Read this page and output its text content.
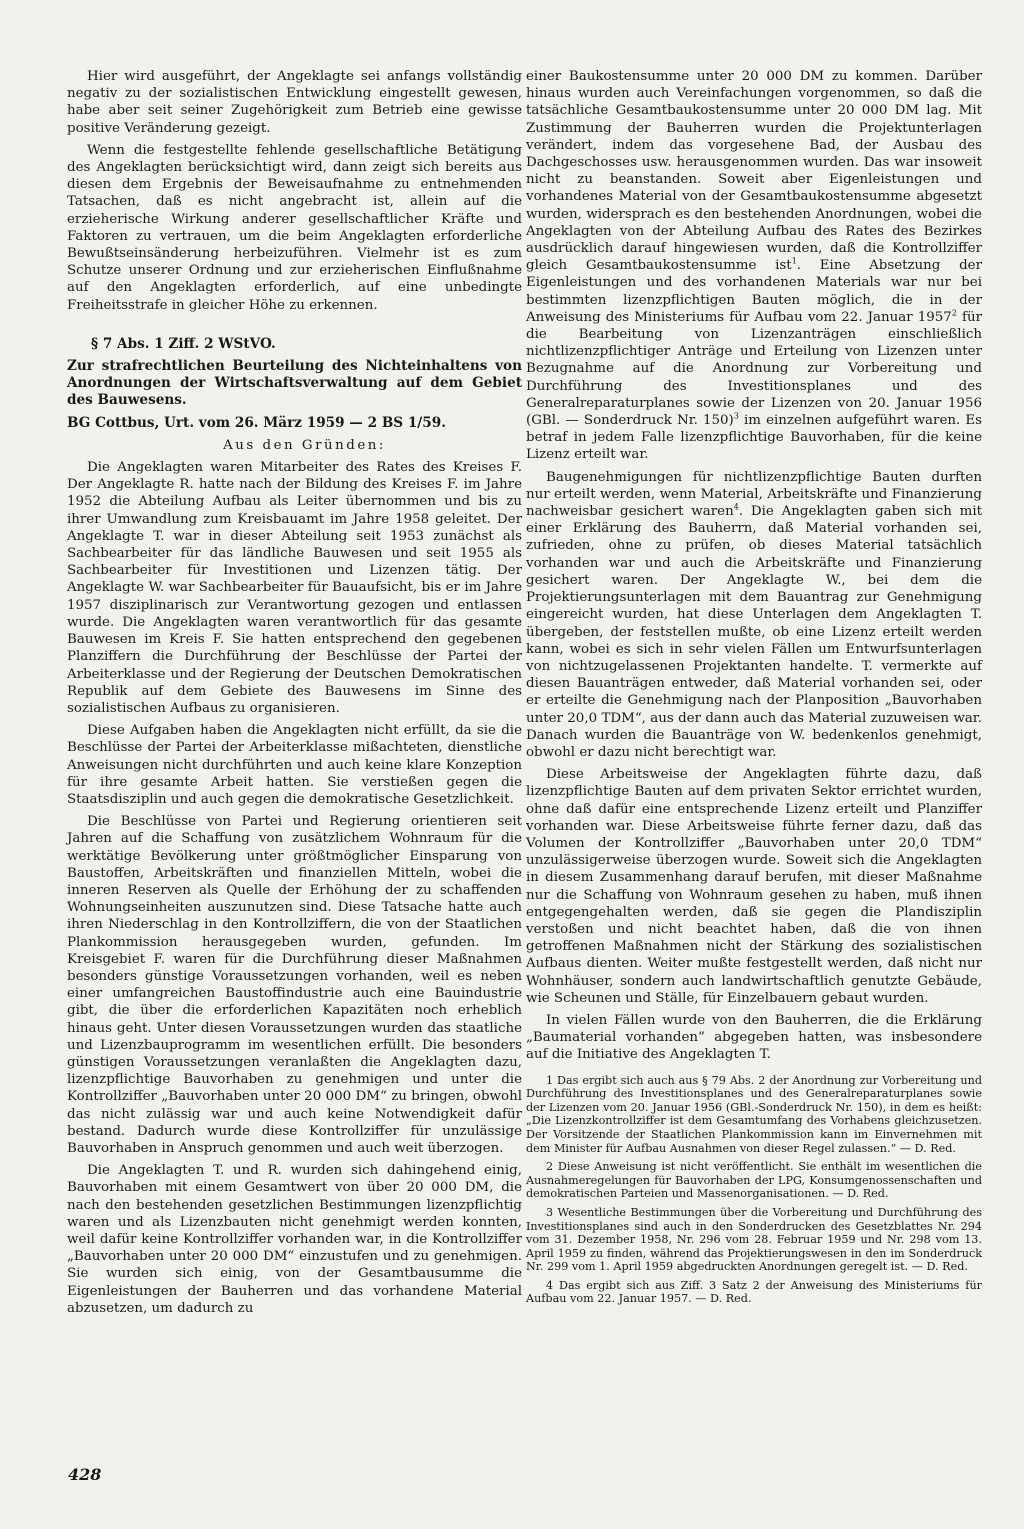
Hier wird ausgeführt, der Angeklagte sei anfangs vollständig negativ zu der sozialistischen Entwicklung eingestellt gewesen, habe aber seit seiner Zugehörigkeit zum Betrieb eine gewisse positive Veränderung gezeigt.

Wenn die festgestellte fehlende gesellschaftliche Betätigung des Angeklagten berücksichtigt wird, dann zeigt sich bereits aus diesen dem Ergebnis der Beweisaufnahme zu entnehmenden Tatsachen, daß es nicht angebracht ist, allein auf die erzieherische Wirkung anderer gesellschaftlicher Kräfte und Faktoren zu vertrauen, um die beim Angeklagten erforderliche Bewußtseinsänderung herbeizuführen. Vielmehr ist es zum Schutze unserer Ordnung und zur erzieherischen Einflußnahme auf den Angeklagten erforderlich, auf eine unbedingte Freiheitsstrafe in gleicher Höhe zu erkennen.

§ 7 Abs. 1 Ziff. 2 WStVO.

Zur strafrechtlichen Beurteilung des Nichteinhaltens von Anordnungen der Wirtschaftsverwaltung auf dem Gebiet des Bauwesens.

BG Cottbus, Urt. vom 26. März 1959 — 2 BS 1/59.

Aus den Gründen:

Die Angeklagten waren Mitarbeiter des Rates des Kreises F. Der Angeklagte R. hatte nach der Bildung des Kreises F. im Jahre 1952 die Abteilung Aufbau als Leiter übernommen und bis zu ihrer Umwandlung zum Kreisbauamt im Jahre 1958 geleitet. Der Angeklagte T. war in dieser Abteilung seit 1953 zunächst als Sachbearbeiter für das ländliche Bauwesen und seit 1955 als Sachbearbeiter für Investitionen und Lizenzen tätig. Der Angeklagte W. war Sachbearbeiter für Bauaufsicht, bis er im Jahre 1957 disziplinarisch zur Verantwortung gezogen und entlassen wurde. Die Angeklagten waren verantwortlich für das gesamte Bauwesen im Kreis F. Sie hatten entsprechend den gegebenen Planziffern die Durchführung der Beschlüsse der Partei der Arbeiterklasse und der Regierung der Deutschen Demokratischen Republik auf dem Gebiete des Bauwesens im Sinne des sozialistischen Aufbaus zu organisieren.

Diese Aufgaben haben die Angeklagten nicht erfüllt, da sie die Beschlüsse der Partei der Arbeiterklasse mißachteten, dienstliche Anweisungen nicht durchführten und auch keine klare Konzeption für ihre gesamte Arbeit hatten. Sie verstießen gegen die Staatsdisziplin und auch gegen die demokratische Gesetzlichkeit.

Die Beschlüsse von Partei und Regierung orientieren seit Jahren auf die Schaffung von zusätzlichem Wohnraum für die werktätige Bevölkerung unter größtmöglicher Einsparung von Baustoffen, Arbeitskräften und finanziellen Mitteln, wobei die inneren Reserven als Quelle der Erhöhung der zu schaffenden Wohnungseinheiten auszunutzen sind. Diese Tatsache hatte auch ihren Niederschlag in den Kontrollziffern, die von der Staatlichen Plankommission herausgegeben wurden, gefunden. Im Kreisgebiet F. waren für die Durchführung dieser Maßnahmen besonders günstige Voraussetzungen vorhanden, weil es neben einer umfangreichen Baustoffindustrie auch eine Bauindustrie gibt, die über die erforderlichen Kapazitäten noch erheblich hinaus geht. Unter diesen Voraussetzungen wurden das staatliche und Lizenzbauprogramm im wesentlichen erfüllt. Die besonders günstigen Voraussetzungen veranlaßten die Angeklagten dazu, lizenzpflichtige Bauvorhaben zu genehmigen und unter die Kontrollziffer „Bauvorhaben unter 20 000 DM“ zu bringen, obwohl das nicht zulässig war und auch keine Notwendigkeit dafür bestand. Dadurch wurde diese Kontrollziffer für unzulässige Bauvorhaben in Anspruch genommen und auch weit überzogen.

Die Angeklagten T. und R. wurden sich dahingehend einig, Bauvorhaben mit einem Gesamtwert von über 20 000 DM, die nach den bestehenden gesetzlichen Bestimmungen lizenzpflichtig waren und als Lizenzbauten nicht genehmigt werden konnten, weil dafür keine Kontrollziffer vorhanden war, in die Kontrollziffer „Bauvorhaben unter 20 000 DM“ einzustufen und zu genehmigen. Sie wurden sich einig, von der Gesamtbausumme die Eigenleistungen der Bauherren und das vorhandene Material abzusetzen, um dadurch zu

einer Baukostensumme unter 20 000 DM zu kommen. Darüber hinaus wurden auch Vereinfachungen vorgenommen, so daß die tatsächliche Gesamtbaukostensumme unter 20 000 DM lag. Mit Zustimmung der Bauherren wurden die Projektunterlagen verändert, indem das vorgesehene Bad, der Ausbau des Dachgeschosses usw. herausgenommen wurden. Das war insoweit nicht zu beanstanden. Soweit aber Eigenleistungen und vorhandenes Material von der Gesamtbaukostensumme abgesetzt wurden, widersprach es den bestehenden Anordnungen, wobei die Angeklagten von der Abteilung Aufbau des Rates des Bezirkes ausdrücklich darauf hingewiesen wurden, daß die Kontrollziffer gleich Gesamtbaukostensumme ist$^1$. Eine Absetzung der Eigenleistungen und des vorhandenen Materials war nur bei bestimmten lizenzpflichtigen Bauten möglich, die in der Anweisung des Ministeriums für Aufbau vom 22. Januar 1957$^2$ für die Bearbeitung von Lizenzanträgen einschließlich nichtlizenzpflichtiger Anträge und Erteilung von Lizenzen unter Bezugnahme auf die Anordnung zur Vorbereitung und Durchführung des Investitionsplanes und des Generalreparaturplanes sowie der Lizenzen von 20. Januar 1956 (GBl. — Sonderdruck Nr. 150)$^3$ im einzelnen aufgeführt waren. Es betraf in jedem Falle lizenzpflichtige Bauvorhaben, für die keine Lizenz erteilt war.

Baugenehmigungen für nichtlizenzpflichtige Bauten durften nur erteilt werden, wenn Material, Arbeitskräfte und Finanzierung nachweisbar gesichert waren$^4$. Die Angeklagten gaben sich mit einer Erklärung des Bauherrn, daß Material vorhanden sei, zufrieden, ohne zu prüfen, ob dieses Material tatsächlich vorhanden war und auch die Arbeitskräfte und Finanzierung gesichert waren. Der Angeklagte W., bei dem die Projektierungsunterlagen mit dem Bauantrag zur Genehmigung eingereicht wurden, hat diese Unterlagen dem Angeklagten T. übergeben, der feststellen mußte, ob eine Lizenz erteilt werden kann, wobei es sich in sehr vielen Fällen um Entwurfsunterlagen von nichtzugelassenen Projektanten handelte. T. vermerkte auf diesen Bauanträgen entweder, daß Material vorhanden sei, oder er erteilte die Genehmigung nach der Planposition „Bauvorhaben unter 20,0 TDM“, aus der dann auch das Material zuzuweisen war. Danach wurden die Bauanträge von W. bedenkenlos genehmigt, obwohl er dazu nicht berechtigt war.

Diese Arbeitsweise der Angeklagten führte dazu, daß lizenzpflichtige Bauten auf dem privaten Sektor errichtet wurden, ohne daß dafür eine entsprechende Lizenz erteilt und Planziffer vorhanden war. Diese Arbeitsweise führte ferner dazu, daß das Volumen der Kontrollziffer „Bauvorhaben unter 20,0 TDM“ unzulässigerweise überzogen wurde. Soweit sich die Angeklagten in diesem Zusammenhang darauf berufen, mit dieser Maßnahme nur die Schaffung von Wohnraum gesehen zu haben, muß ihnen entgegengehalten werden, daß sie gegen die Plandisziplin verstoßen und nicht beachtet haben, daß die von ihnen getroffenen Maßnahmen nicht der Stärkung des sozialistischen Aufbaus dienten. Weiter mußte festgestellt werden, daß nicht nur Wohnhäuser, sondern auch landwirtschaftlich genutzte Gebäude, wie Scheunen und Ställe, für Einzelbauern gebaut wurden.

In vielen Fällen wurde von den Bauherren, die die Erklärung „Baumaterial vorhanden“ abgegeben hatten, was insbesondere auf die Initiative des Angeklagten T.

1 Das ergibt sich auch aus § 79 Abs. 2 der Anordnung zur Vorbereitung und Durchführung des Investitionsplanes und des Generalreparaturplanes sowie der Lizenzen vom 20. Januar 1956 (GBl.-Sonderdruck Nr. 150), in dem es heißt: „Die Lizenzkontrollziffer ist dem Gesamtumfang des Vorhabens gleichzusetzen. Der Vorsitzende der Staatlichen Plankommission kann im Einvernehmen mit dem Minister für Aufbau Ausnahmen von dieser Regel zulassen.“ — D. Red.

2 Diese Anweisung ist nicht veröffentlicht. Sie enthält im wesentlichen die Ausnahmeregelungen für Bauvorhaben der LPG, Konsumgenossenschaften und demokratischen Parteien und Massenorganisationen. — D. Red.

3 Wesentliche Bestimmungen über die Vorbereitung und Durchführung des Investitionsplanes sind auch in den Sonderdrucken des Gesetzblattes Nr. 294 vom 31. Dezember 1958, Nr. 296 vom 28. Februar 1959 und Nr. 298 vom 13. April 1959 zu finden, während das Projektierungswesen in den im Sonderdruck Nr. 299 vom 1. April 1959 abgedruckten Anordnungen geregelt ist. — D. Red.

4 Das ergibt sich aus Ziff. 3 Satz 2 der Anweisung des Ministeriums für Aufbau vom 22. Januar 1957. — D. Red.

428
